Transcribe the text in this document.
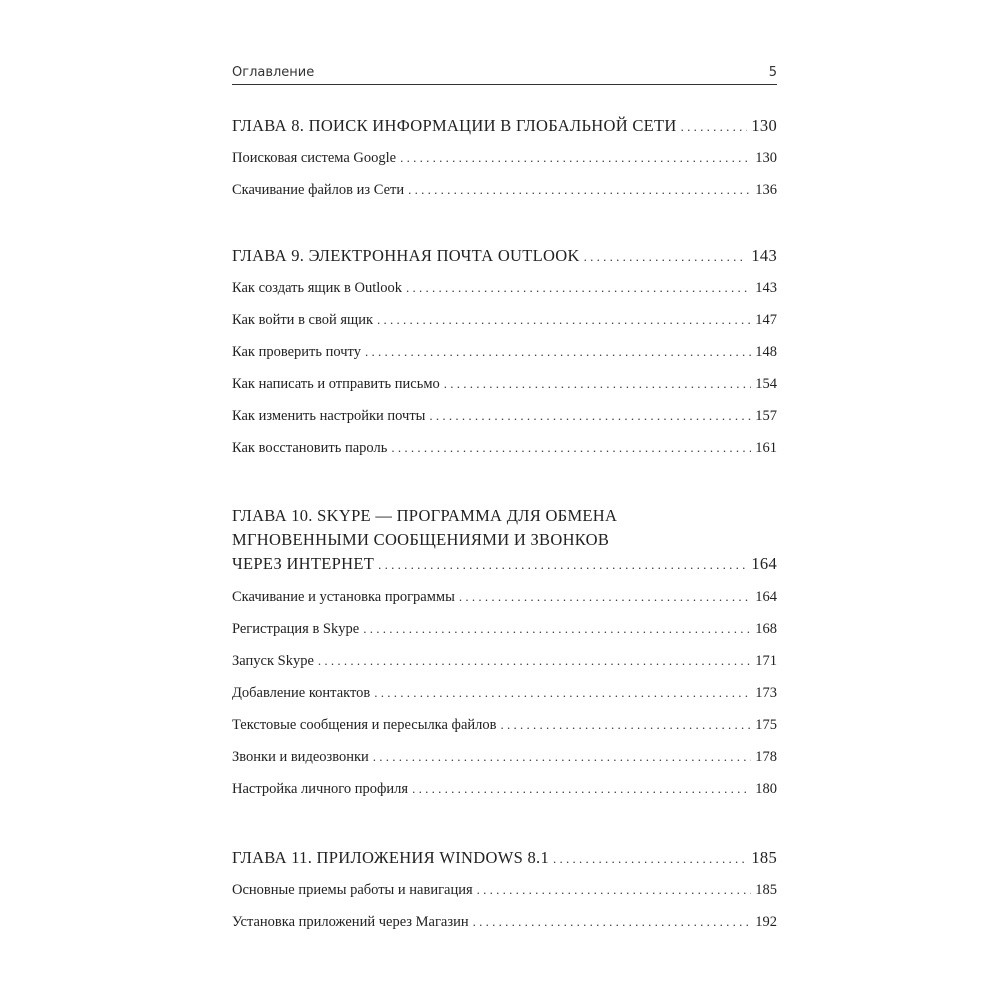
Оглавление	5
ГЛАВА 8. ПОИСК ИНФОРМАЦИИ В ГЛОБАЛЬНОЙ СЕТИ . . .	130
Поисковая система Google . . .	130
Скачивание файлов из Сети . . .	136
ГЛАВА 9. ЭЛЕКТРОННАЯ ПОЧТА OUTLOOK . . .	143
Как создать ящик в Outlook . . .	143
Как войти в свой ящик . . .	147
Как проверить почту . . .	148
Как написать и отправить письмо . . .	154
Как изменить настройки почты . . .	157
Как восстановить пароль . . .	161
ГЛАВА 10. SKYPE — ПРОГРАММА ДЛЯ ОБМЕНА
МГНОВЕННЫМИ СООБЩЕНИЯМИ И ЗВОНКОВ
ЧЕРЕЗ ИНТЕРНЕТ . . .	164
Скачивание и установка программы . . .	164
Регистрация в Skype . . .	168
Запуск Skype . . .	171
Добавление контактов . . .	173
Текстовые сообщения и пересылка файлов . . .	175
Звонки и видеозвонки . . .	178
Настройка личного профиля . . .	180
ГЛАВА 11. ПРИЛОЖЕНИЯ WINDOWS 8.1 . . .	185
Основные приемы работы и навигация . . .	185
Установка приложений через Магазин . . .	192
